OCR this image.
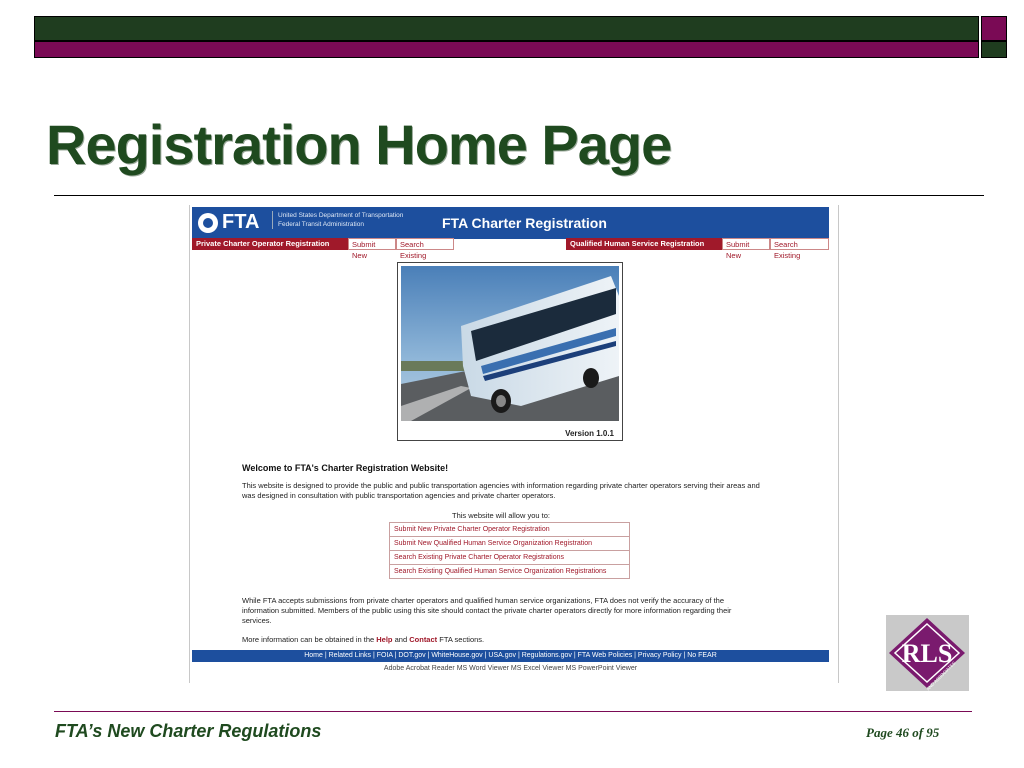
Registration Home Page
FTA	United States Department of Transportation
Federal Transit Administration	FTA Charter Registration
Private Charter Operator Registration	Submit New
Search Existing
Qualified Human Service Registration	Submit New
Search Existing
Version 1.0.1
Welcome to FTA's Charter Registration Website!
This website is designed to provide the public and public transportation agencies with information regarding private charter operators serving their areas and was designed in consultation with public transportation agencies and private charter operators.
This website will allow you to:
Submit New Private Charter Operator Registration
Submit New Qualified Human Service Organization Registration
Search Existing Private Charter Operator Registrations
Search Existing Qualified Human Service Organization Registrations
While FTA accepts submissions from private charter operators and qualified human service organizations, FTA does not verify the accuracy of the information submitted. Members of the public using this site should contact the private charter operators directly for more information regarding their services.
More information can be obtained in the Help and Contact FTA sections.
Home | Related Links | FOIA | DOT.gov | WhiteHouse.gov | USA.gov | Regulations.gov | FTA Web Policies | Privacy Policy | No FEAR
Adobe Acrobat Reader MS Word Viewer MS Excel Viewer MS PowerPoint Viewer
RLS
AND ASSOCIATES
FTA’s New Charter Regulations	Page 46 of 95
